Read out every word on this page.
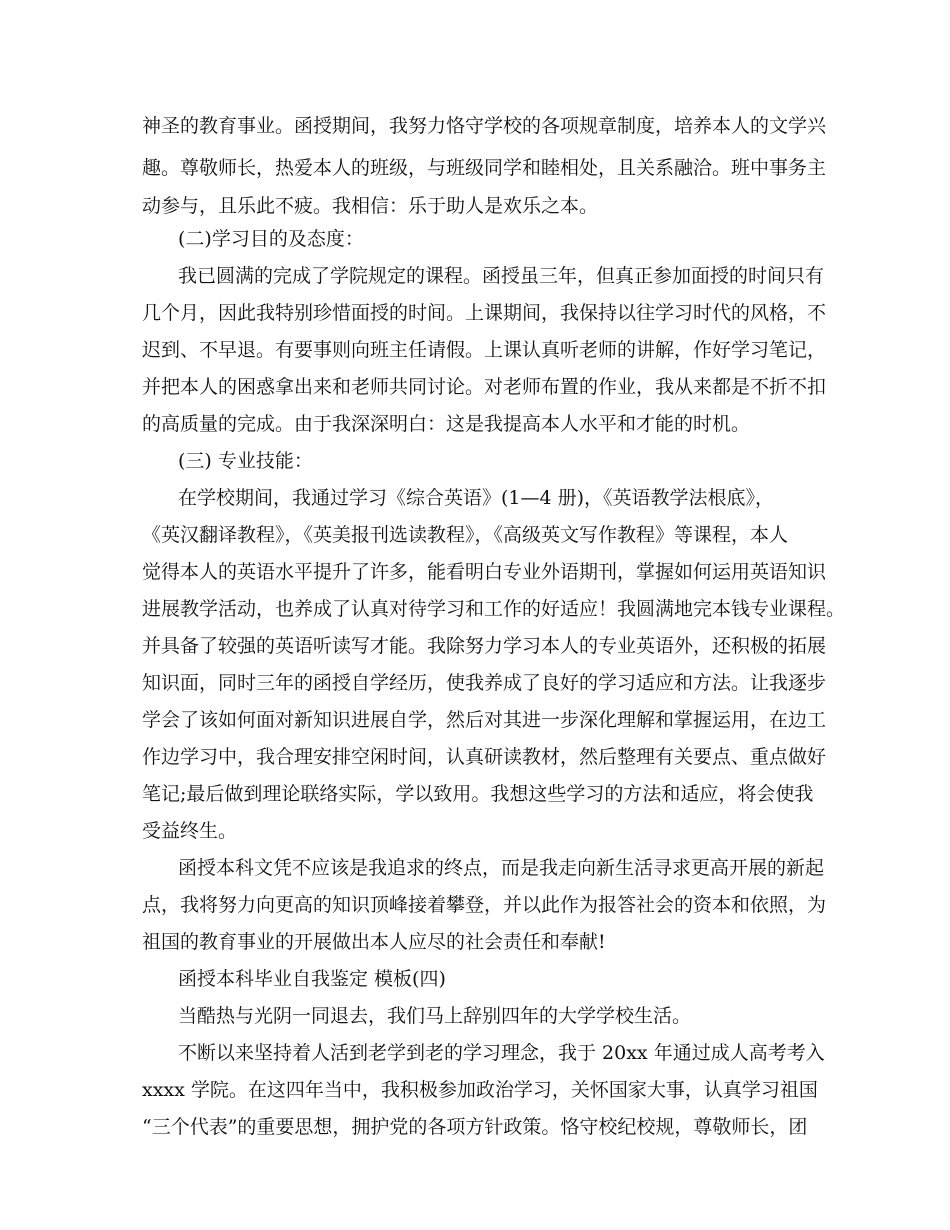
神圣的教育事业。函授期间，我努力恪守学校的各项规章制度，培养本人的文学兴
趣。尊敬师长，热爱本人的班级，与班级同学和睦相处，且关系融洽。班中事务主
动参与，且乐此不疲。我相信：乐于助人是欢乐之本。
(二)学习目的及态度：
我已圆满的完成了学院规定的课程。函授虽三年，但真正参加面授的时间只有
几个月，因此我特别珍惜面授的时间。上课期间，我保持以往学习时代的风格，不
迟到、不早退。有要事则向班主任请假。上课认真听老师的讲解，作好学习笔记，
并把本人的困惑拿出来和老师共同讨论。对老师布置的作业，我从来都是不折不扣
的高质量的完成。由于我深深明白：这是我提高本人水平和才能的时机。
(三) 专业技能：
在学校期间，我通过学习《综合英语》(1—4 册)，《英语教学法根底》，
《英汉翻译教程》，《英美报刊选读教程》，《高级英文写作教程》等课程，本人
觉得本人的英语水平提升了许多，能看明白专业外语期刊，掌握如何运用英语知识
进展教学活动，也养成了认真对待学习和工作的好适应！我圆满地完本钱专业课程。
并具备了较强的英语听读写才能。我除努力学习本人的专业英语外，还积极的拓展
知识面，同时三年的函授自学经历，使我养成了良好的学习适应和方法。让我逐步
学会了该如何面对新知识进展自学，然后对其进一步深化理解和掌握运用，在边工
作边学习中，我合理安排空闲时间，认真研读教材，然后整理有关要点、重点做好
笔记;最后做到理论联络实际，学以致用。我想这些学习的方法和适应，将会使我
受益终生。
函授本科文凭不应该是我追求的终点，而是我走向新生活寻求更高开展的新起
点，我将努力向更高的知识顶峰接着攀登，并以此作为报答社会的资本和依照，为
祖国的教育事业的开展做出本人应尽的社会责任和奉献!
函授本科毕业自我鉴定 模板(四)
当酷热与光阴一同退去，我们马上辞别四年的大学学校生活。
不断以来坚持着人活到老学到老的学习理念，我于 20xx 年通过成人高考考入
xxxx 学院。在这四年当中，我积极参加政治学习，关怀国家大事，认真学习祖国
“三个代表”的重要思想，拥护党的各项方针政策。恪守校纪校规，尊敬师长，团
